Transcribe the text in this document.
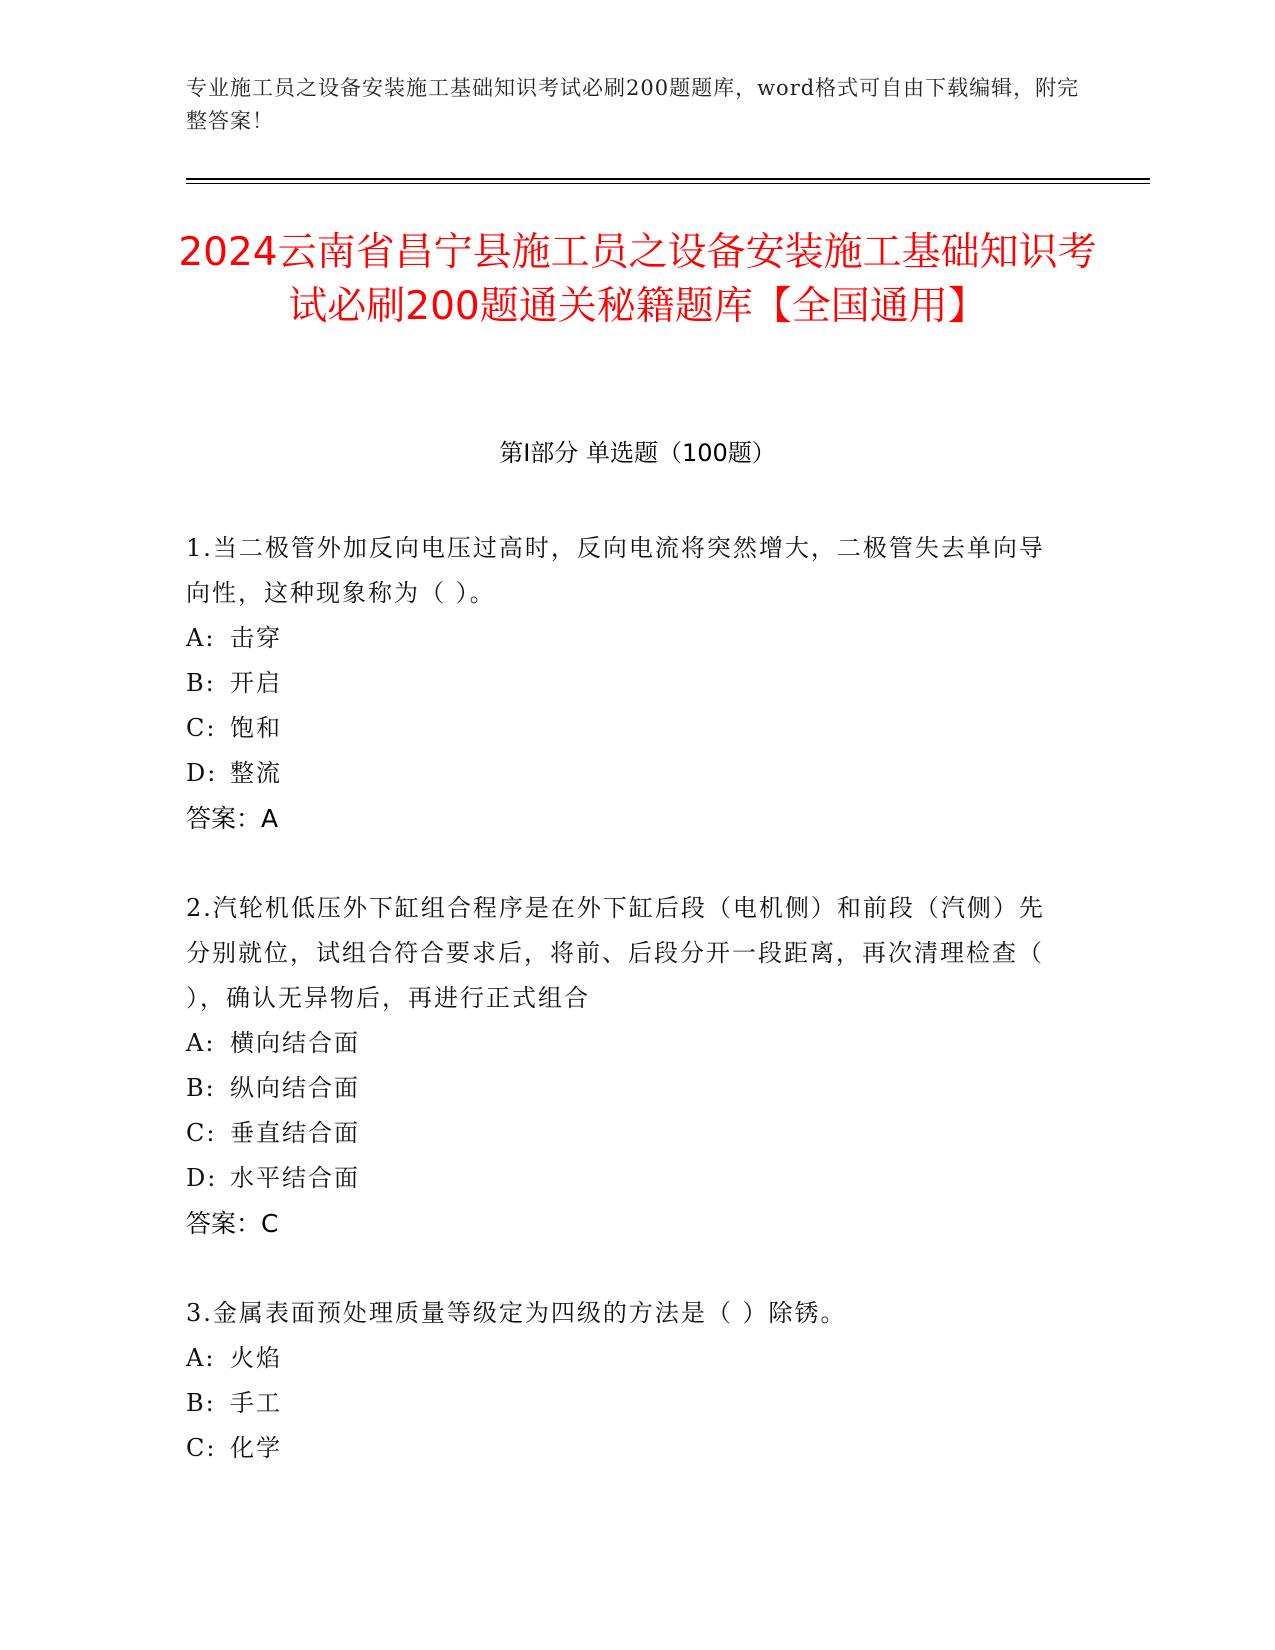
专业施工员之设备安装施工基础知识考试必刷200题题库，word格式可自由下载编辑，附完整答案！
2024云南省昌宁县施工员之设备安装施工基础知识考试必刷200题通关秘籍题库【全国通用】
第Ⅰ部分 单选题（100题）

1.当二极管外加反向电压过高时，反向电流将突然增大，二极管失去单向导向性，这种现象称为（ ）。

A: 击穿

B: 开启

C: 饱和

D: 整流

答案：A

2.汽轮机低压外下缸组合程序是在外下缸后段（电机侧）和前段（汽侧）先分别就位，试组合符合要求后，将前、后段分开一段距离，再次清理检查（ ），确认无异物后，再进行正式组合

A: 横向结合面

B: 纵向结合面

C: 垂直结合面

D: 水平结合面

答案：C

3.金属表面预处理质量等级定为四级的方法是（ ）除锈。

A: 火焰

B: 手工

C: 化学
